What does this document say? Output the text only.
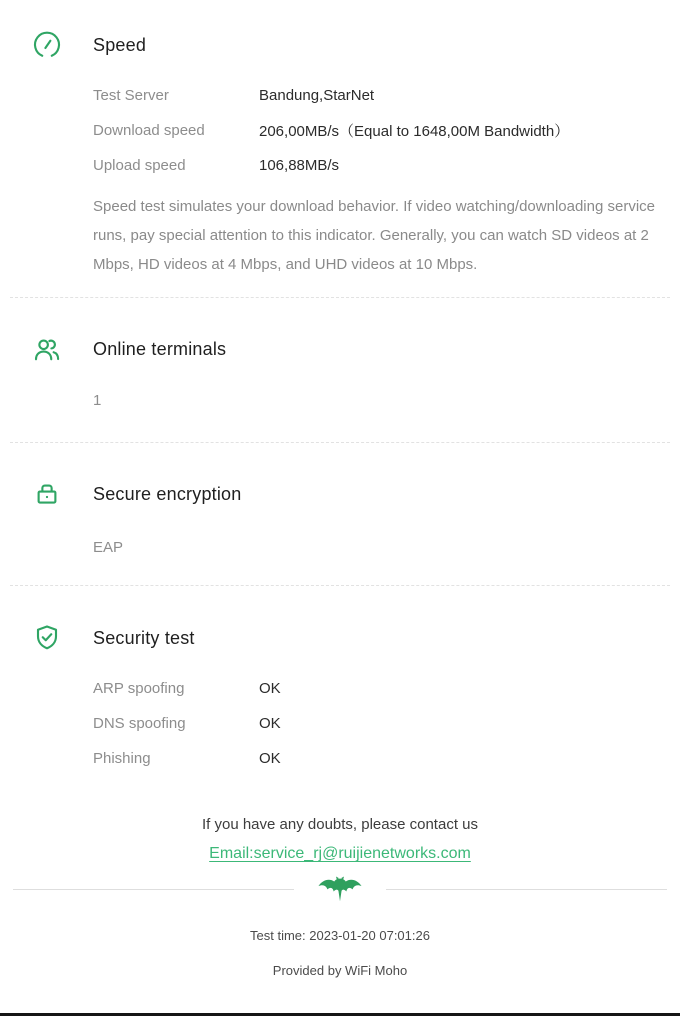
Speed
Test Server	Bandung,StarNet
Download speed	206,00MB/s（Equal to 1648,00M Bandwidth）
Upload speed	106,88MB/s
Speed test simulates your download behavior. If video watching/downloading service runs, pay special attention to this indicator. Generally, you can watch SD videos at 2 Mbps, HD videos at 4 Mbps, and UHD videos at 10 Mbps.
Online terminals
1
Secure encryption
EAP
Security test
ARP spoofing	OK
DNS spoofing	OK
Phishing	OK
If you have any doubts, please contact us
Email:service_rj@ruijienetworks.com
Test time: 2023-01-20 07:01:26
Provided by WiFi Moho
